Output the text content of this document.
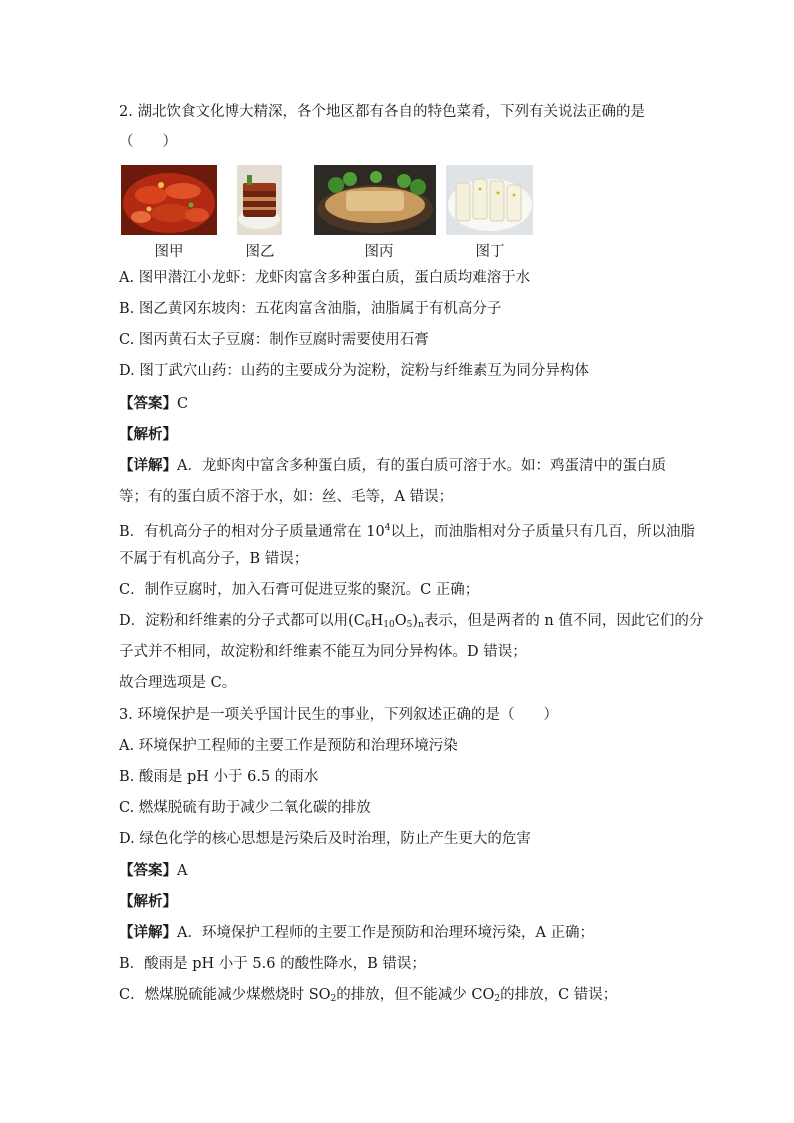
2. 湖北饮食文化博大精深，各个地区都有各自的特色菜肴，下列有关说法正确的是
（　　）
图甲	图乙	图丙	图丁
A. 图甲潜江小龙虾：龙虾肉富含多种蛋白质，蛋白质均难溶于水
B. 图乙黄冈东坡肉：五花肉富含油脂，油脂属于有机高分子
C. 图丙黄石太子豆腐：制作豆腐时需要使用石膏
D. 图丁武穴山药：山药的主要成分为淀粉，淀粉与纤维素互为同分异构体
【答案】C
【解析】
【详解】A．龙虾肉中富含多种蛋白质，有的蛋白质可溶于水。如：鸡蛋清中的蛋白质
等；有的蛋白质不溶于水，如：丝、毛等，A 错误；
B．有机高分子的相对分子质量通常在 $10^4$以上，而油脂相对分子质量只有几百，所以油脂
不属于有机高分子，B 错误；
C．制作豆腐时，加入石膏可促进豆浆的聚沉。C 正确；
D．淀粉和纤维素的分子式都可以用$(C_6H_{10}O_5)_n$表示，但是两者的 n 值不同，因此它们的分
子式并不相同，故淀粉和纤维素不能互为同分异构体。D 错误；
故合理选项是 C。
3. 环境保护是一项关乎国计民生的事业，下列叙述正确的是（　　）
A. 环境保护工程师的主要工作是预防和治理环境污染
B. 酸雨是 pH 小于 6.5 的雨水
C. 燃煤脱硫有助于减少二氧化碳的排放
D. 绿色化学的核心思想是污染后及时治理，防止产生更大的危害
【答案】A
【解析】
【详解】A．环境保护工程师的主要工作是预防和治理环境污染，A 正确；
B．酸雨是 pH 小于 5.6 的酸性降水，B 错误；
C．燃煤脱硫能减少煤燃烧时 $SO_2$的排放，但不能减少 $CO_2$的排放，C 错误；
